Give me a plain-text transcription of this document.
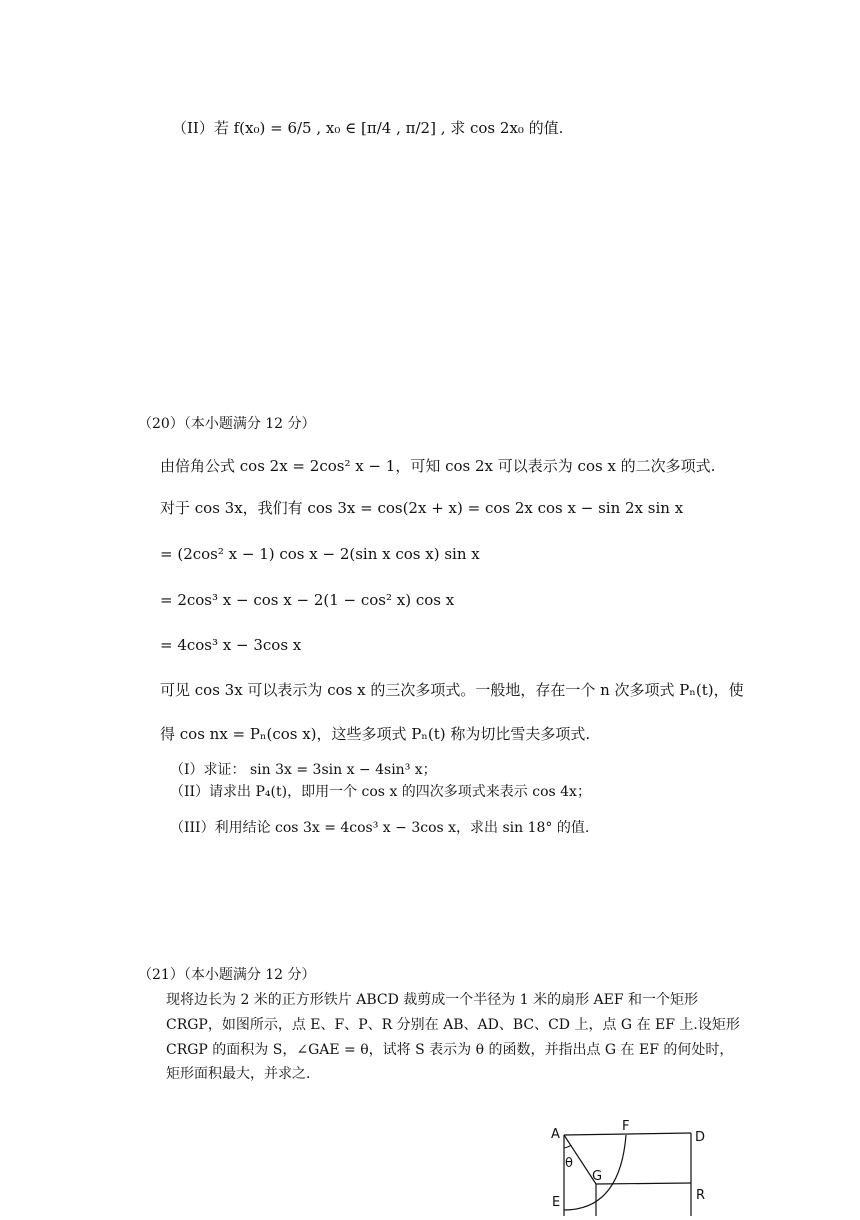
（II）若 f(x₀) = 6/5 , x₀ ∈ [π/4 , π/2] , 求 cos 2x₀ 的值.
（20）（本小题满分 12 分）
由倍角公式 cos 2x = 2cos² x − 1，可知 cos 2x 可以表示为 cos x 的二次多项式.
对于 cos 3x，我们有 cos 3x = cos(2x + x) = cos 2x cos x − sin 2x sin x
= (2cos² x − 1) cos x − 2(sin x cos x) sin x
= 2cos³ x − cos x − 2(1 − cos² x) cos x
= 4cos³ x − 3cos x
可见 cos 3x 可以表示为 cos x 的三次多项式。一般地，存在一个 n 次多项式 Pₙ(t)，使
得 cos nx = Pₙ(cos x)，这些多项式 Pₙ(t) 称为切比雪夫多项式.
（I）求证： sin 3x = 3sin x − 4sin³ x；
（II）请求出 P₄(t)，即用一个 cos x 的四次多项式来表示 cos 4x；
（III）利用结论 cos 3x = 4cos³ x − 3cos x，求出 sin 18° 的值.
（21）（本小题满分 12 分）
现将边长为 2 米的正方形铁片 ABCD 裁剪成一个半径为 1 米的扇形 AEF 和一个矩形
CRGP，如图所示，点 E、F、P、R 分别在 AB、AD、BC、CD 上，点 G 在 EF 上.设矩形
CRGP 的面积为 S，∠GAE = θ，试将 S 表示为 θ 的函数，并指出点 G 在 EF 的何处时，
矩形面积最大，并求之.
A
F
D
θ
G
E	R
